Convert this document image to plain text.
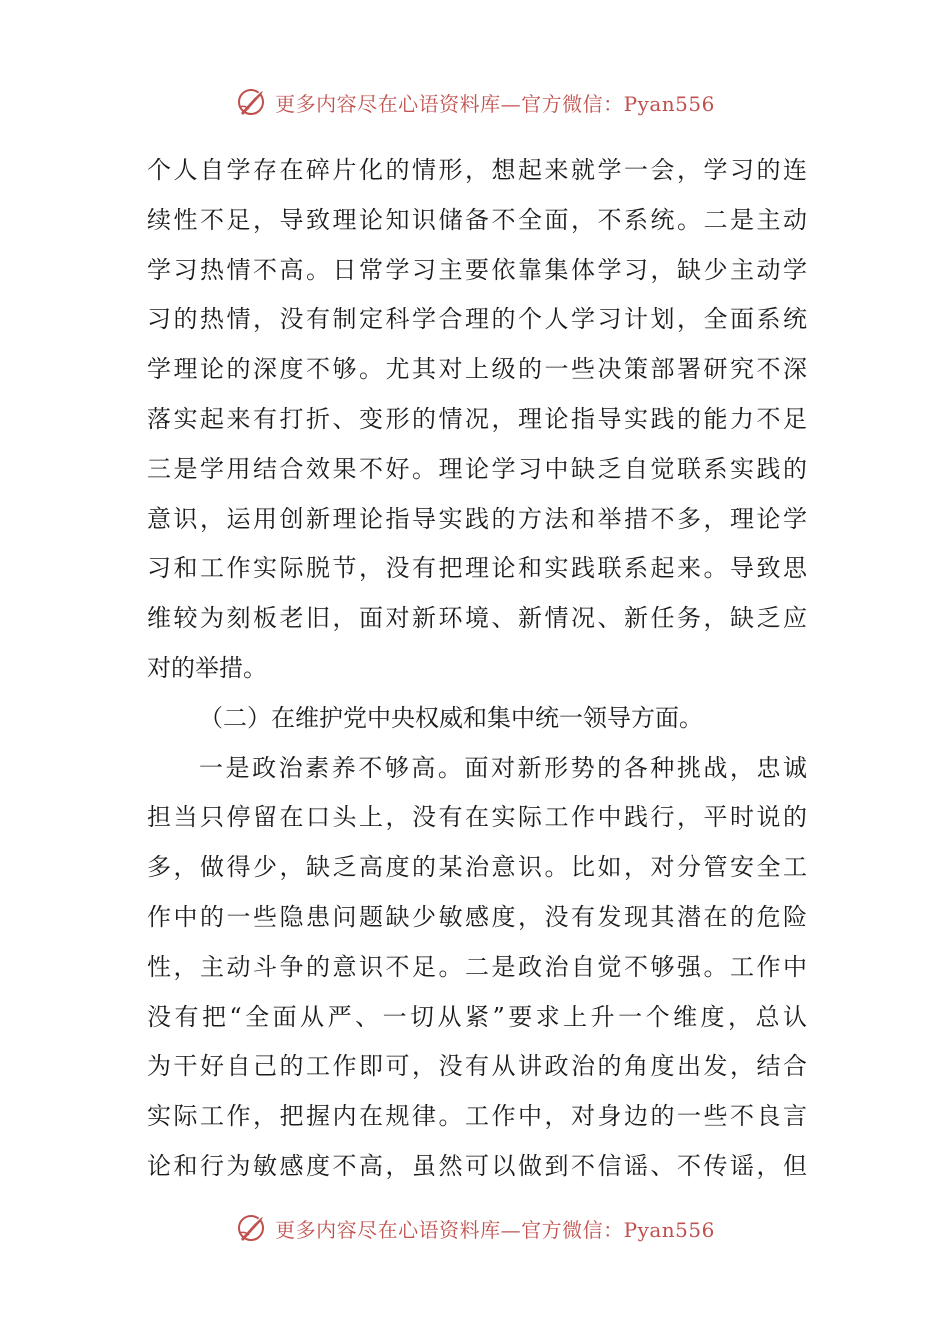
更多内容尽在心语资料库—官方微信：Pyan556
个人自学存在碎片化的情形，想起来就学一会，学习的连
续性不足，导致理论知识储备不全面，不系统。二是主动
学习热情不高。日常学习主要依靠集体学习，缺少主动学
习的热情，没有制定科学合理的个人学习计划，全面系统
学理论的深度不够。尤其对上级的一些决策部署研究不深
落实起来有打折、变形的情况，理论指导实践的能力不足
三是学用结合效果不好。理论学习中缺乏自觉联系实践的
意识，运用创新理论指导实践的方法和举措不多，理论学
习和工作实际脱节，没有把理论和实践联系起来。导致思
维较为刻板老旧，面对新环境、新情况、新任务，缺乏应
对的举措。
（二）在维护党中央权威和集中统一领导方面。
一是政治素养不够高。面对新形势的各种挑战，忠诚
担当只停留在口头上，没有在实际工作中践行，平时说的
多，做得少，缺乏高度的某治意识。比如，对分管安全工
作中的一些隐患问题缺少敏感度，没有发现其潜在的危险
性，主动斗争的意识不足。二是政治自觉不够强。工作中
没有把“全面从严、一切从紧”要求上升一个维度，总认
为干好自己的工作即可，没有从讲政治的角度出发，结合
实际工作，把握内在规律。工作中，对身边的一些不良言
论和行为敏感度不高，虽然可以做到不信谣、不传谣，但
更多内容尽在心语资料库—官方微信：Pyan556
